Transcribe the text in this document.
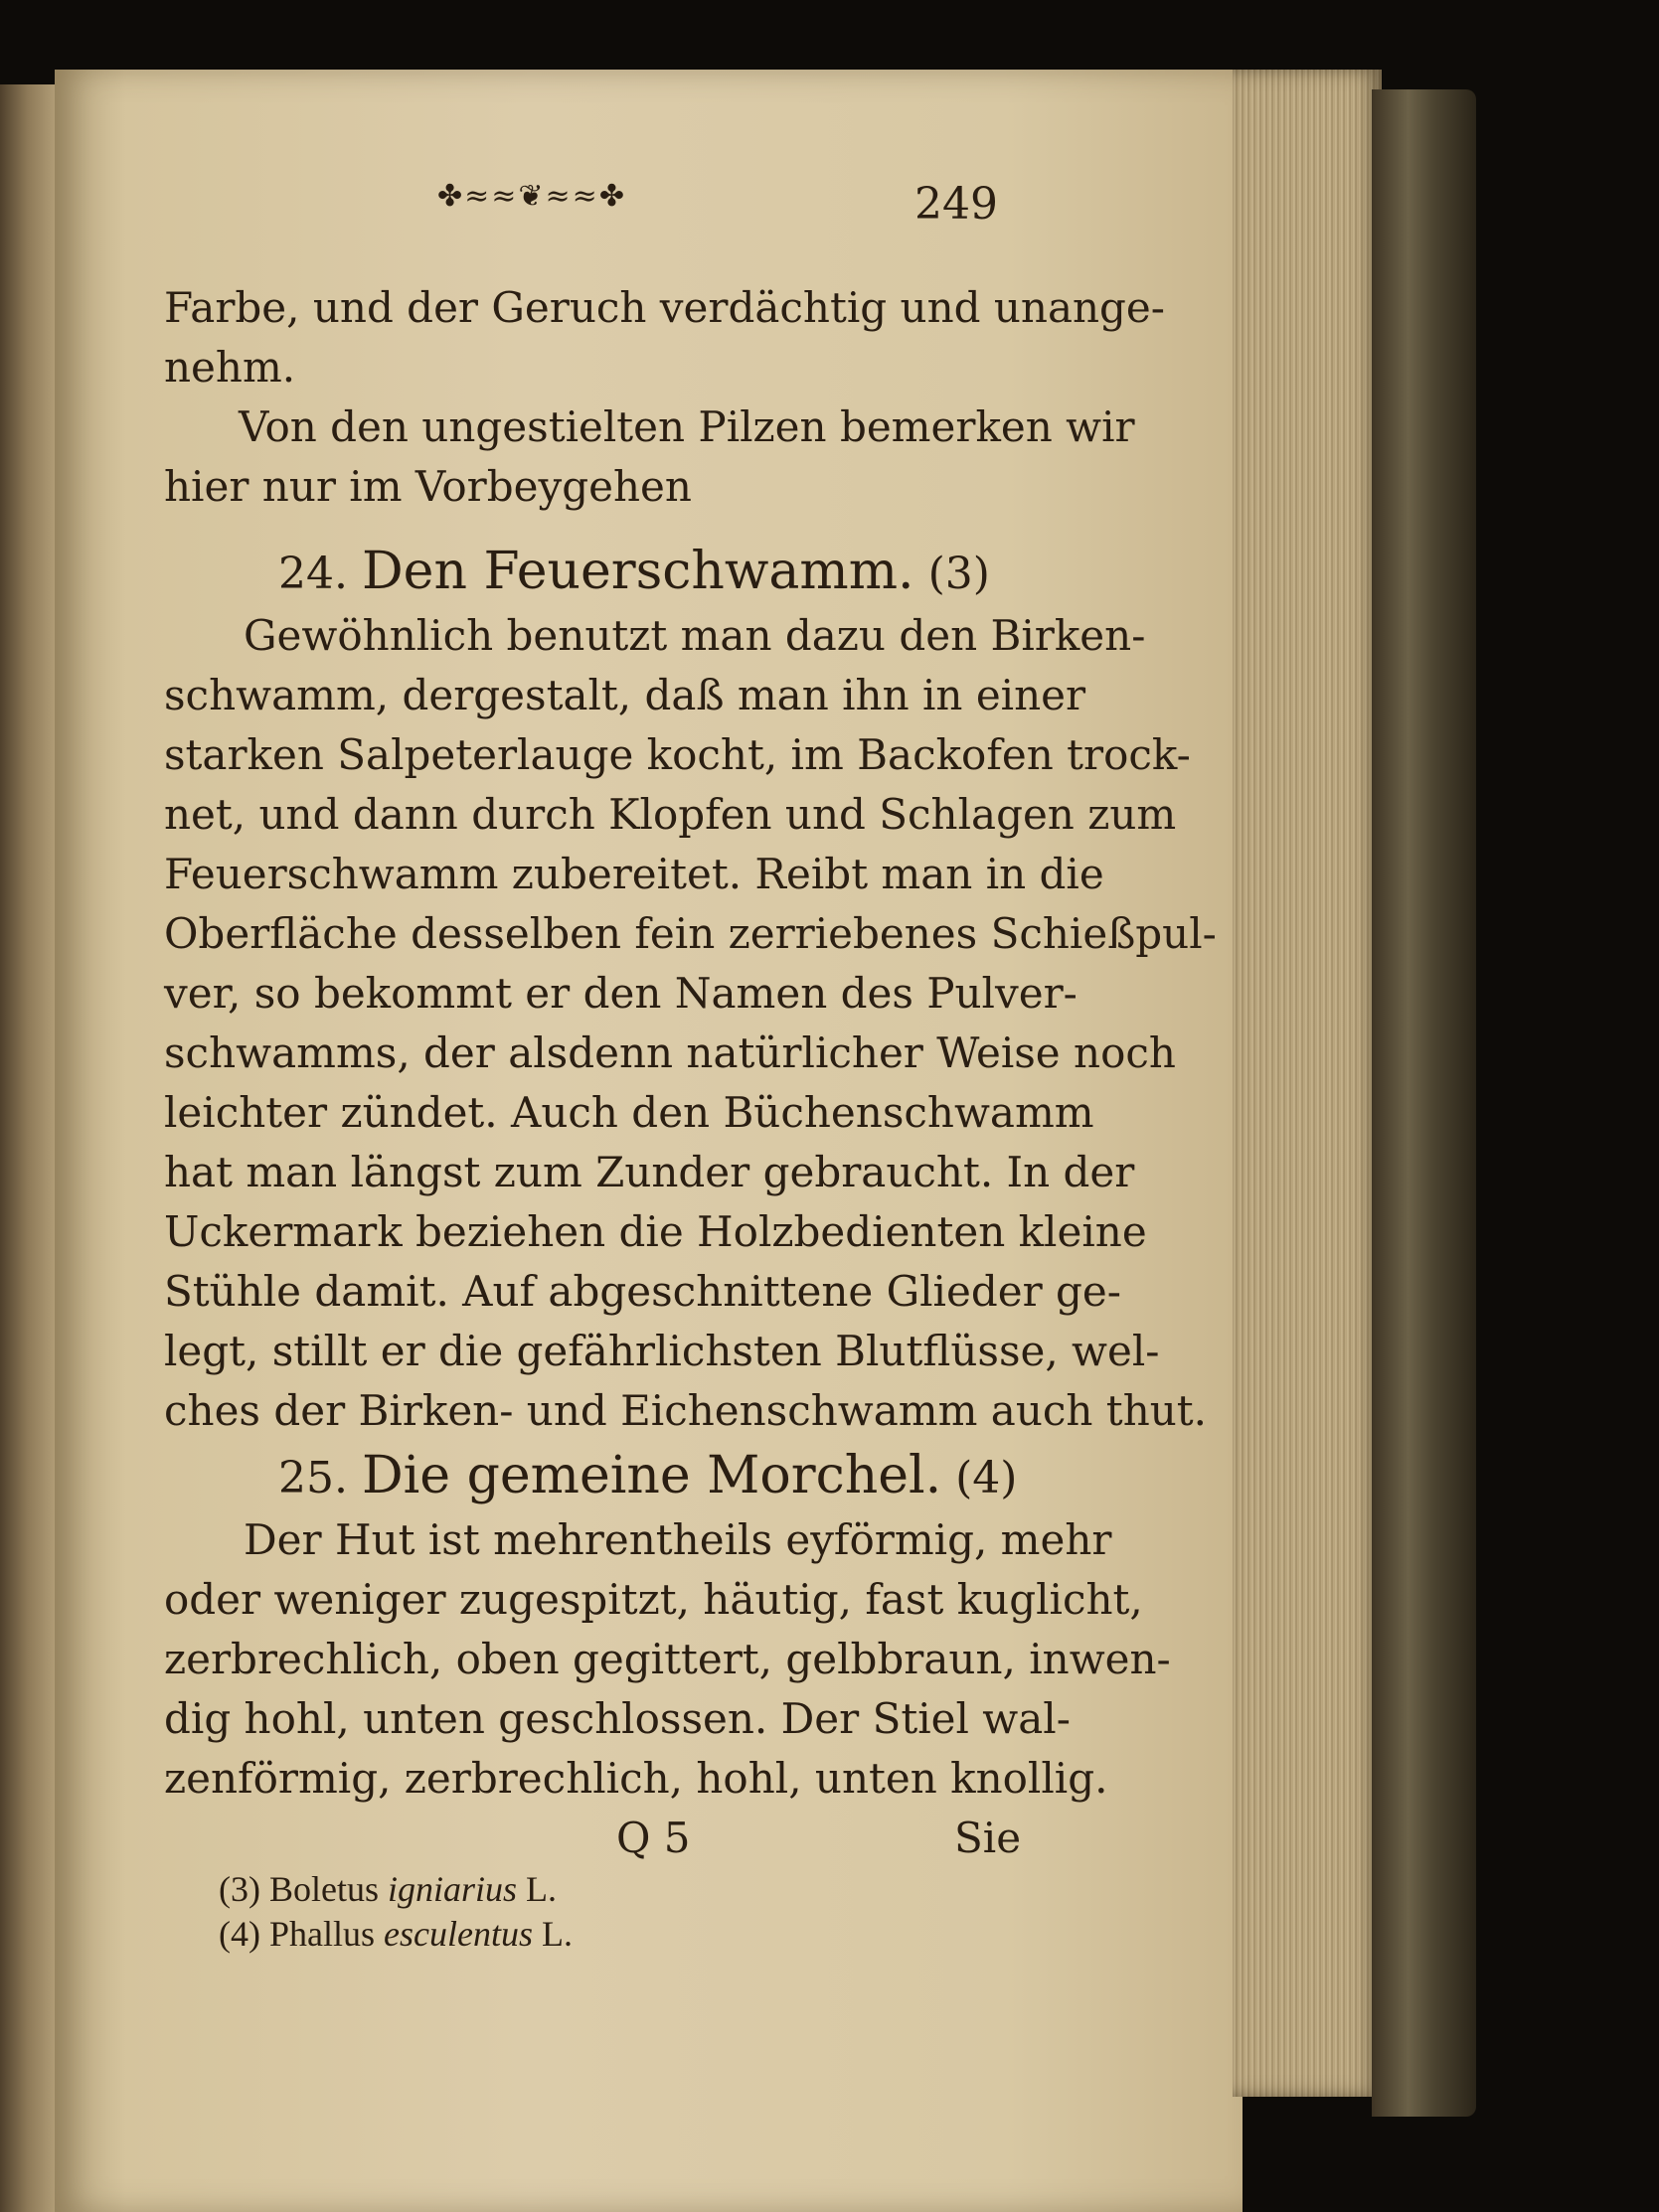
✤≈≈❦≈≈✤	249
Farbe, und der Geruch verdächtig und unange-
nehm.
Von den ungestielten Pilzen bemerken wir
hier nur im Vorbeygehen
24. Den Feuerschwamm. (3)
Gewöhnlich benutzt man dazu den Birken-
schwamm, dergestalt, daß man ihn in einer
starken Salpeterlauge kocht, im Backofen trock-
net, und dann durch Klopfen und Schlagen zum
Feuerschwamm zubereitet. Reibt man in die
Oberfläche desselben fein zerriebenes Schießpul-
ver, so bekommt er den Namen des Pulver-
schwamms, der alsdenn natürlicher Weise noch
leichter zündet. Auch den Büchenschwamm
hat man längst zum Zunder gebraucht. In der
Uckermark beziehen die Holzbedienten kleine
Stühle damit. Auf abgeschnittene Glieder ge-
legt, stillt er die gefährlichsten Blutflüsse, wel-
ches der Birken- und Eichenschwamm auch thut.
25. Die gemeine Morchel. (4)
Der Hut ist mehrentheils eyförmig, mehr
oder weniger zugespitzt, häutig, fast kuglicht,
zerbrechlich, oben gegittert, gelbbraun, inwen-
dig hohl, unten geschlossen. Der Stiel wal-
zenförmig, zerbrechlich, hohl, unten knollig.
Q 5	Sie
(3) Boletus igniarius L.
(4) Phallus esculentus L.
